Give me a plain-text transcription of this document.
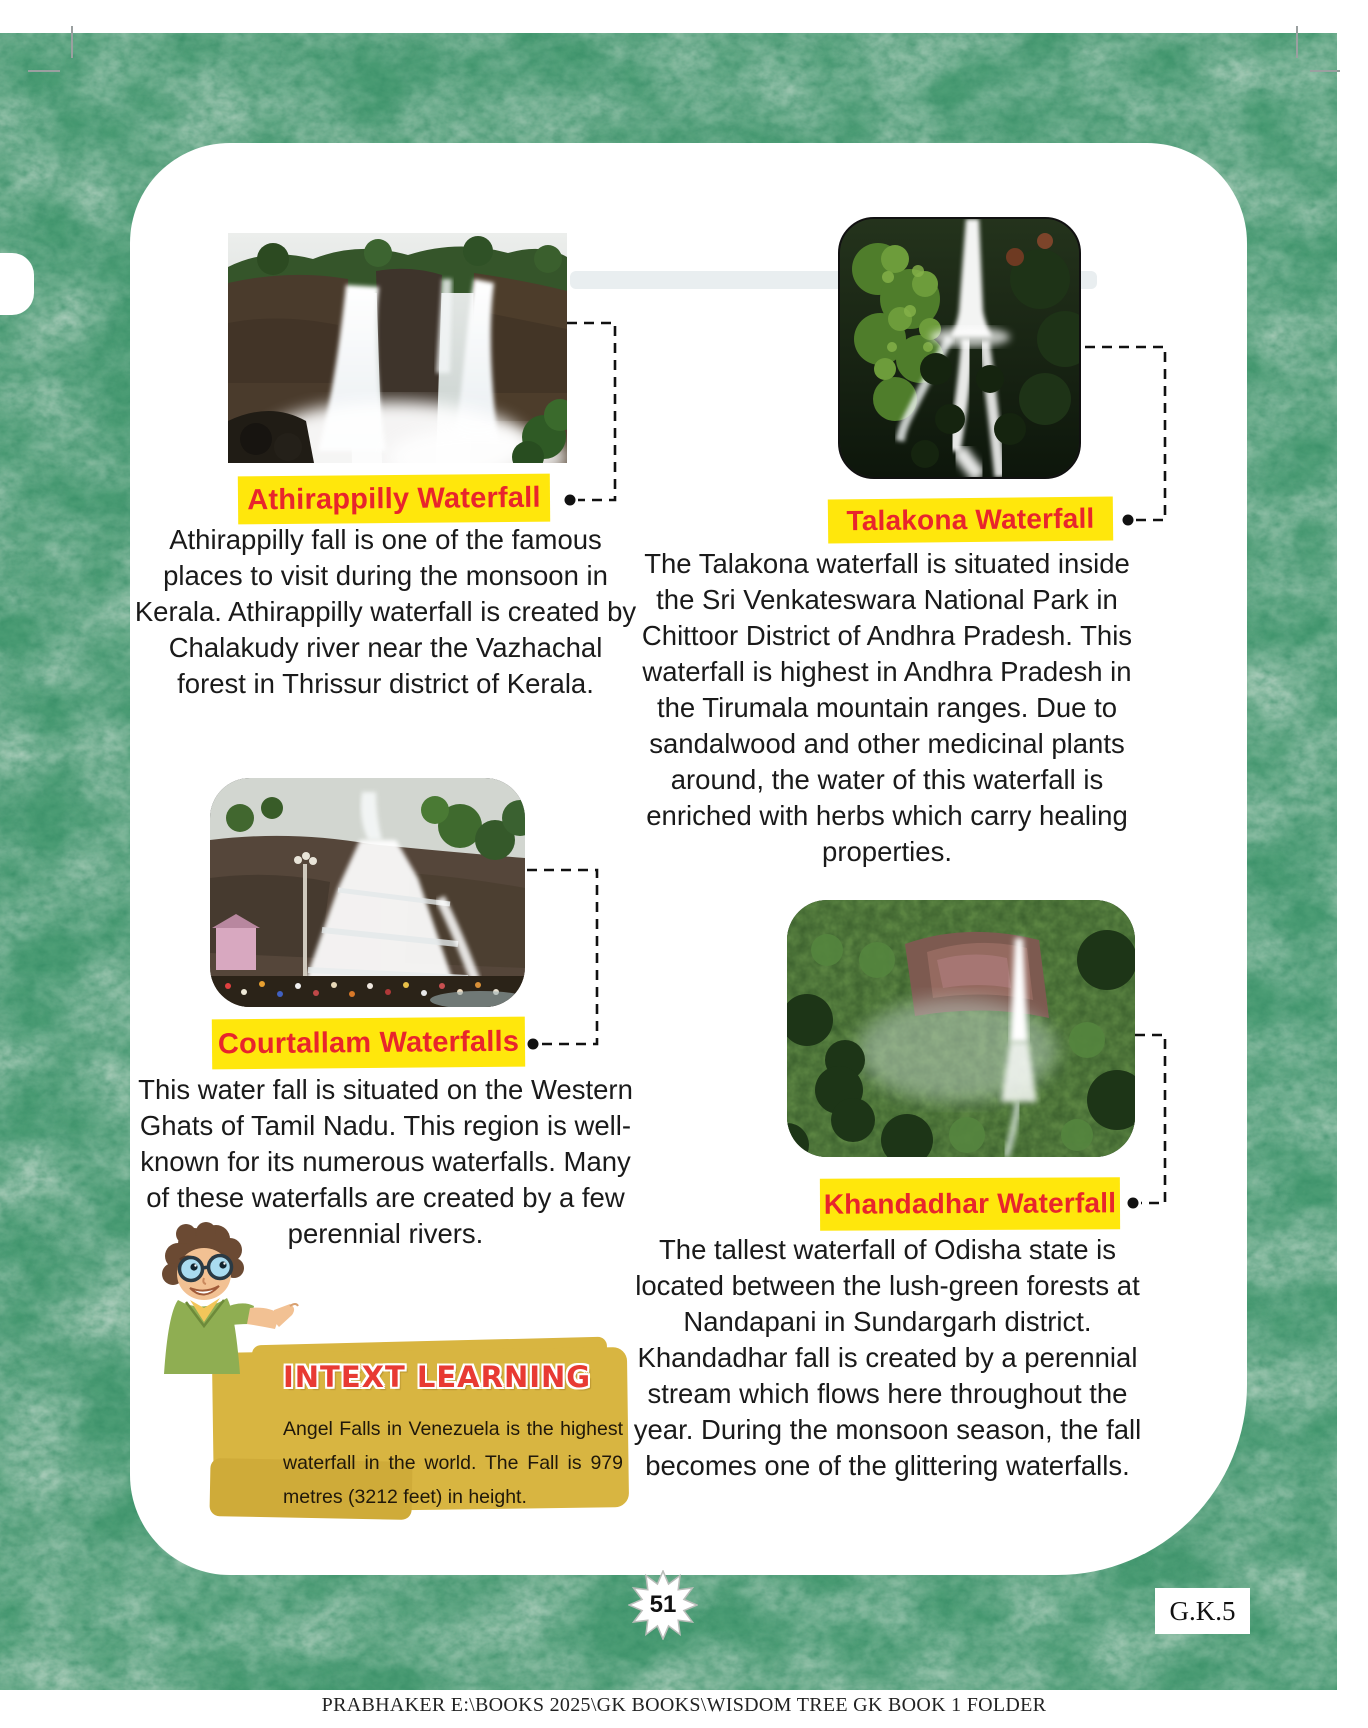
Athirappilly Waterfall
Athirappilly fall is one of the famous places to visit during the monsoon in Kerala. Athirappilly waterfall is created by Chalakudy river near the Vazhachal forest in Thrissur district of Kerala.
Talakona Waterfall
The Talakona waterfall is situated inside the Sri Venkateswara National Park in Chittoor District of Andhra Pradesh. This waterfall is highest in Andhra Pradesh in the Tirumala mountain ranges. Due to sandalwood and other medicinal plants around, the water of this waterfall is enriched with herbs which carry healing properties.
Courtallam Waterfalls
This water fall is situated on the Western Ghats of Tamil Nadu. This region is well-known for its numerous waterfalls. Many of these waterfalls are created by a few perennial rivers.
Khandadhar Waterfall
The tallest waterfall of Odisha state is located between the lush-green forests at Nandapani in Sundargarh district. Khandadhar fall is created by a perennial stream which flows here throughout the year. During the monsoon season, the fall becomes one of the glittering waterfalls.
INTEXT LEARNING
Angel Falls in Venezuela is the highest waterfall in the world. The Fall is 979 metres (3212 feet) in height.
51	G.K.5
PRABHAKER E:\BOOKS 2025\GK BOOKS\WISDOM TREE GK BOOK 1 FOLDER
